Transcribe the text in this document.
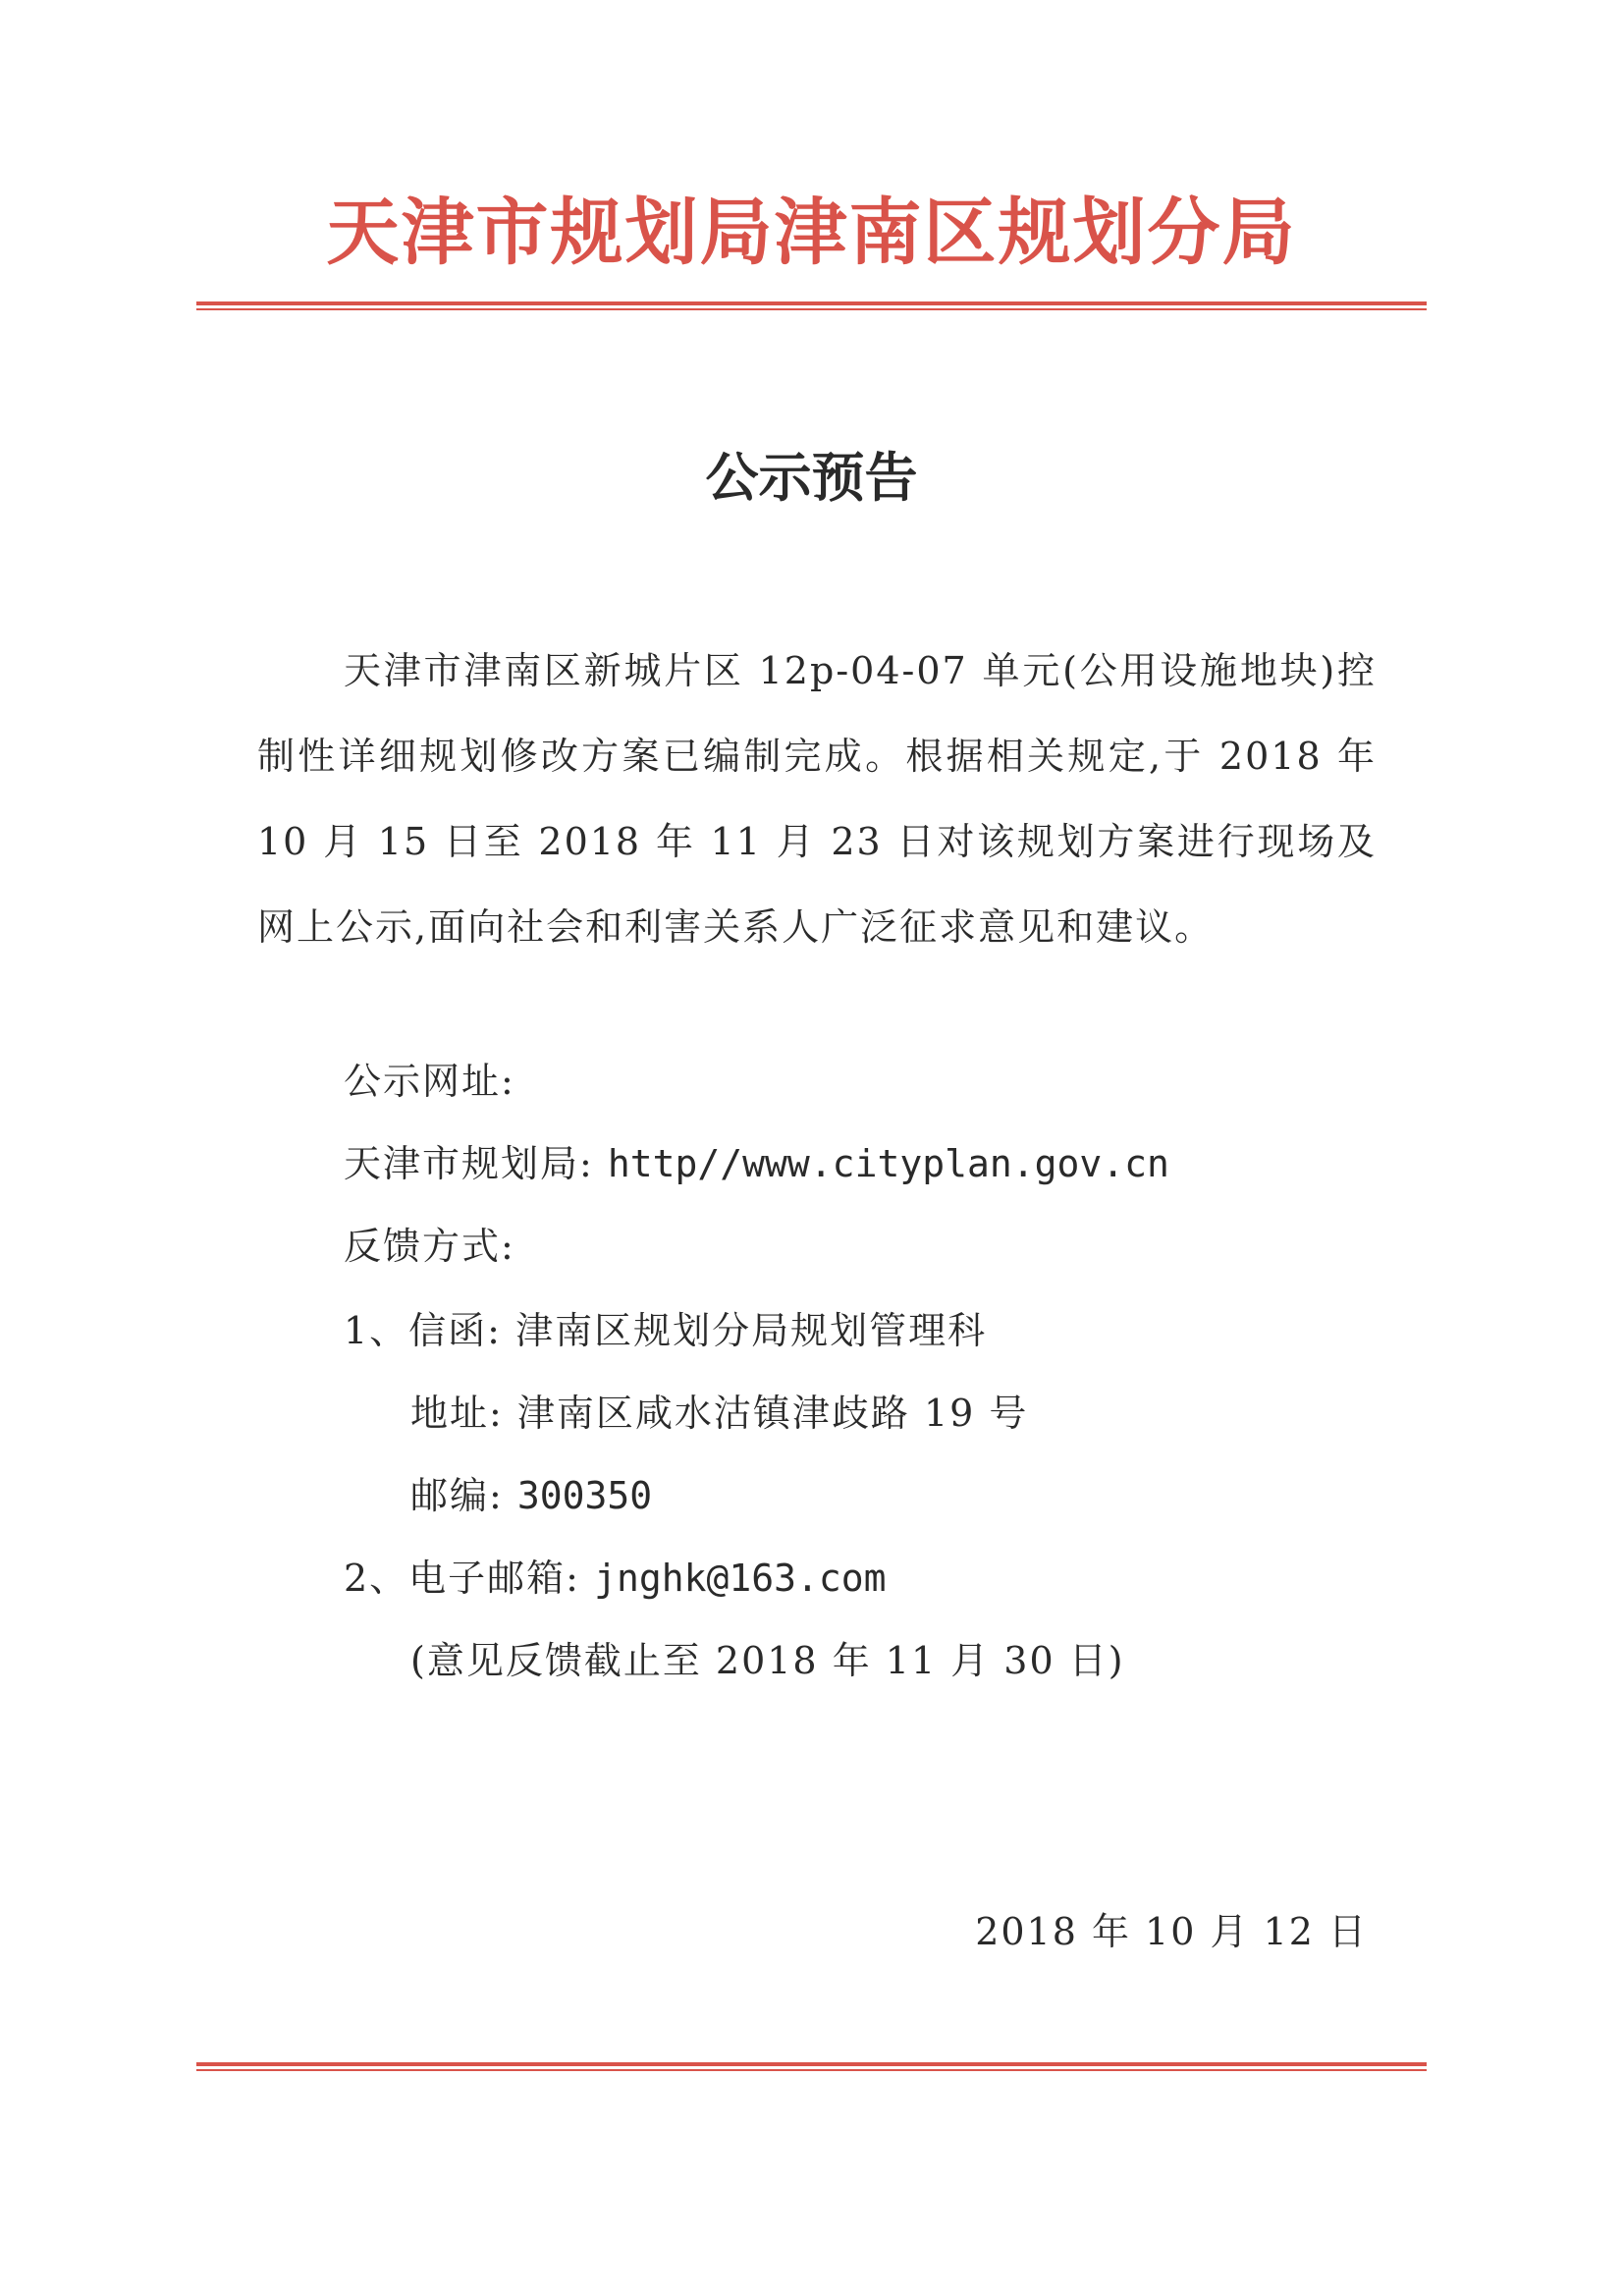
天津市规划局津南区规划分局
公示预告

天津市津南区新城片区 12p-04-07 单元(公用设施地块)控制性详细规划修改方案已编制完成。根据相关规定,于 2018 年 10 月 15 日至 2018 年 11 月 23 日对该规划方案进行现场及网上公示,面向社会和利害关系人广泛征求意见和建议。

公示网址:
天津市规划局: http//www.cityplan.gov.cn
反馈方式:
1、信函: 津南区规划分局规划管理科
地址: 津南区咸水沽镇津歧路 19 号
邮编: 300350
2、电子邮箱: jnghk@163.com
(意见反馈截止至 2018 年 11 月 30 日)
2018 年 10 月 12 日
